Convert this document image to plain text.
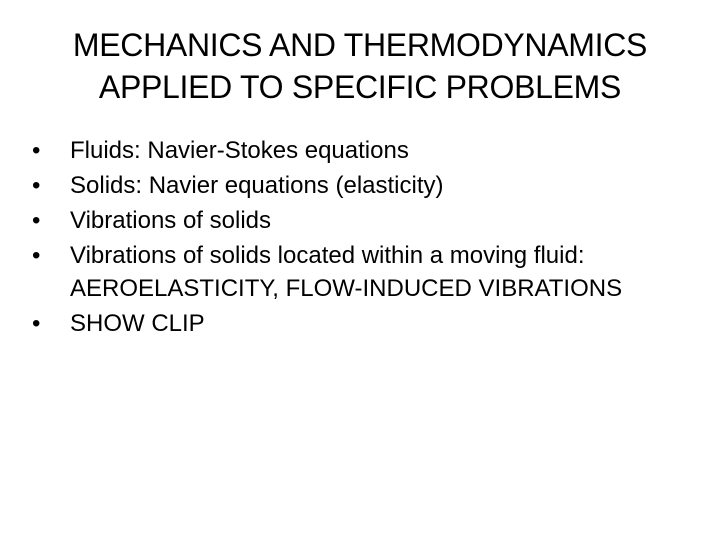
MECHANICS AND THERMODYNAMICS
APPLIED TO SPECIFIC PROBLEMS
•	Fluids: Navier-Stokes equations
•	Solids: Navier equations (elasticity)
•	Vibrations of solids
•	Vibrations of solids located within a moving fluid: AEROELASTICITY, FLOW-INDUCED VIBRATIONS
•	SHOW CLIP
